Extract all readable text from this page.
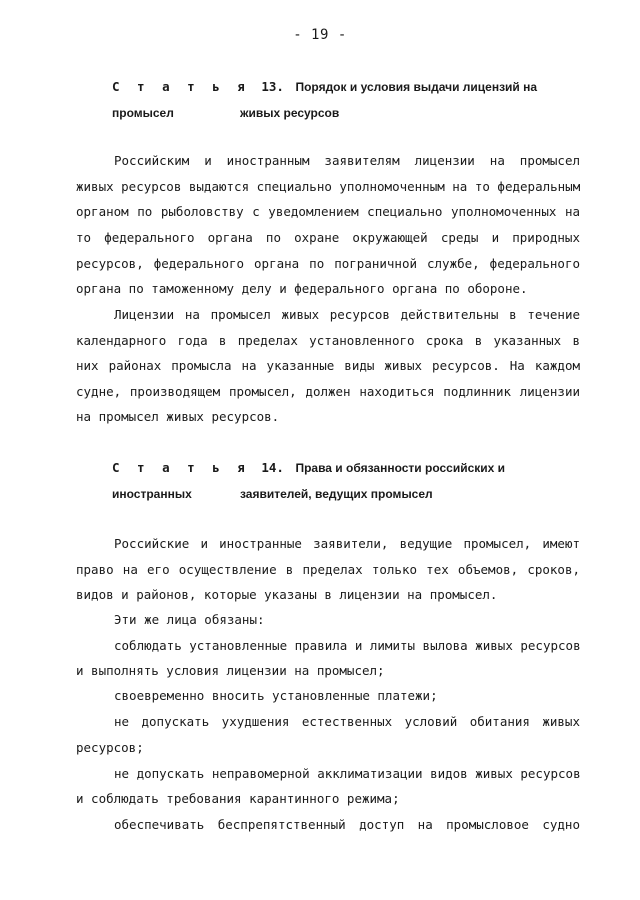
- 19 -
С т а т ь я 13. Порядок и условия выдачи лицензий на промысел	живых ресурсов
Российским и иностранным заявителям лицензии на промысел
живых ресурсов выдаются специально уполномоченным на то федеральным
органом по рыболовству с уведомлением специально уполномоченных на
то федерального органа по охране окружающей среды и природных
ресурсов, федерального органа по пограничной службе, федерального
органа по таможенному делу и федерального органа по обороне.
Лицензии на промысел живых ресурсов действительны в течение
календарного года в пределах установленного срока в указанных в
них районах промысла на указанные виды живых ресурсов. На каждом
судне, производящем промысел, должен находиться подлинник лицензии
на промысел живых ресурсов.
С т а т ь я 14. Права и обязанности российских и иностранных	заявителей, ведущих промысел
Российские и иностранные заявители, ведущие промысел, имеют
право на его осуществление в пределах только тех объемов, сроков,
видов и районов, которые указаны в лицензии на промысел.
Эти же лица обязаны:
соблюдать установленные правила и лимиты вылова живых ресурсов
и выполнять условия лицензии на промысел;
своевременно вносить установленные платежи;
не допускать ухудшения естественных условий обитания живых
ресурсов;
не допускать неправомерной акклиматизации видов живых ресурсов
и соблюдать требования карантинного режима;
обеспечивать беспрепятственный доступ на промысловое судно
